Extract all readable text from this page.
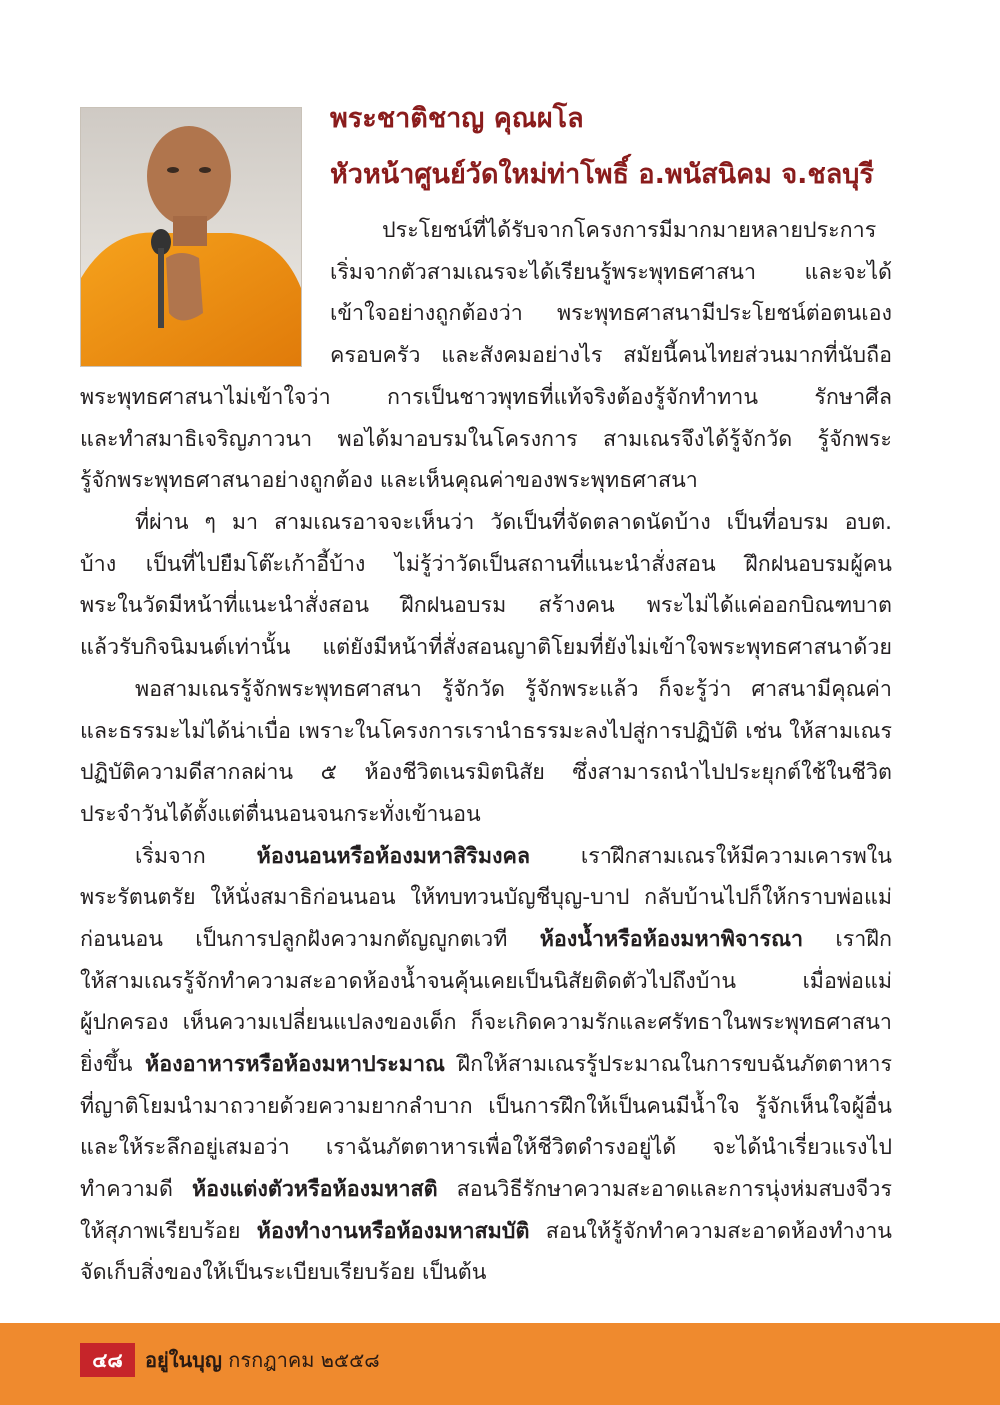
พระชาติชาญ คุณผโล
หัวหน้าศูนย์วัดใหม่ท่าโพธิ์ อ.พนัสนิคม จ.ชลบุรี
ประโยชน์ที่ได้รับจากโครงการมีมากมายหลายประการ
เริ่มจากตัวสามเณรจะได้เรียนรู้พระพุทธศาสนา และจะได้
เข้าใจอย่างถูกต้องว่า พระพุทธศาสนามีประโยชน์ต่อตนเอง
ครอบครัว และสังคมอย่างไร สมัยนี้คนไทยส่วนมากที่นับถือ
พระพุทธศาสนาไม่เข้าใจว่า การเป็นชาวพุทธที่แท้จริงต้องรู้จักทำทาน รักษาศีล
และทำสมาธิเจริญภาวนา พอได้มาอบรมในโครงการ สามเณรจึงได้รู้จักวัด รู้จักพระ
รู้จักพระพุทธศาสนาอย่างถูกต้อง และเห็นคุณค่าของพระพุทธศาสนา
ที่ผ่าน ๆ มา สามเณรอาจจะเห็นว่า วัดเป็นที่จัดตลาดนัดบ้าง เป็นที่อบรม อบต.
บ้าง เป็นที่ไปยืมโต๊ะเก้าอี้บ้าง ไม่รู้ว่าวัดเป็นสถานที่แนะนำสั่งสอน ฝึกฝนอบรมผู้คน
พระในวัดมีหน้าที่แนะนำสั่งสอน ฝึกฝนอบรม สร้างคน พระไม่ได้แค่ออกบิณฑบาต
แล้วรับกิจนิมนต์เท่านั้น แต่ยังมีหน้าที่สั่งสอนญาติโยมที่ยังไม่เข้าใจพระพุทธศาสนาด้วย
พอสามเณรรู้จักพระพุทธศาสนา รู้จักวัด รู้จักพระแล้ว ก็จะรู้ว่า ศาสนามีคุณค่า
และธรรมะไม่ได้น่าเบื่อ เพราะในโครงการเรานำธรรมะลงไปสู่การปฏิบัติ เช่น ให้สามเณร
ปฏิบัติความดีสากลผ่าน ๕ ห้องชีวิตเนรมิตนิสัย ซึ่งสามารถนำไปประยุกต์ใช้ในชีวิต
ประจำวันได้ตั้งแต่ตื่นนอนจนกระทั่งเข้านอน
เริ่มจาก ห้องนอนหรือห้องมหาสิริมงคล เราฝึกสามเณรให้มีความเคารพใน
พระรัตนตรัย ให้นั่งสมาธิก่อนนอน ให้ทบทวนบัญชีบุญ-บาป กลับบ้านไปก็ให้กราบพ่อแม่
ก่อนนอน เป็นการปลูกฝังความกตัญญูกตเวที ห้องน้ำหรือห้องมหาพิจารณา เราฝึก
ให้สามเณรรู้จักทำความสะอาดห้องน้ำจนคุ้นเคยเป็นนิสัยติดตัวไปถึงบ้าน เมื่อพ่อแม่
ผู้ปกครอง เห็นความเปลี่ยนแปลงของเด็ก ก็จะเกิดความรักและศรัทธาในพระพุทธศาสนา
ยิ่งขึ้น ห้องอาหารหรือห้องมหาประมาณ ฝึกให้สามเณรรู้ประมาณในการขบฉันภัตตาหาร
ที่ญาติโยมนำมาถวายด้วยความยากลำบาก เป็นการฝึกให้เป็นคนมีน้ำใจ รู้จักเห็นใจผู้อื่น
และให้ระลึกอยู่เสมอว่า เราฉันภัตตาหารเพื่อให้ชีวิตดำรงอยู่ได้ จะได้นำเรี่ยวแรงไป
ทำความดี ห้องแต่งตัวหรือห้องมหาสติ สอนวิธีรักษาความสะอาดและการนุ่งห่มสบงจีวร
ให้สุภาพเรียบร้อย ห้องทำงานหรือห้องมหาสมบัติ สอนให้รู้จักทำความสะอาดห้องทำงาน
จัดเก็บสิ่งของให้เป็นระเบียบเรียบร้อย เป็นต้น
๔๘	อยู่ในบุญ กรกฎาคม ๒๕๕๘
